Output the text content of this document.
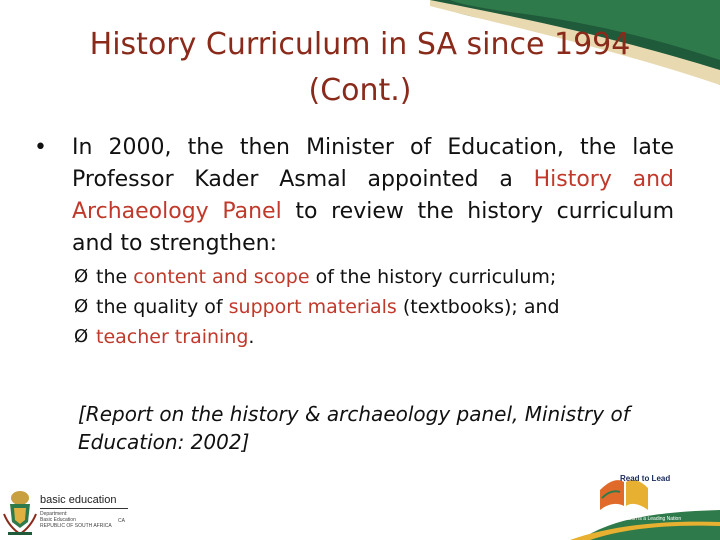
History Curriculum in SA since 1994
(Cont.)
•	In 2000, the then Minister of Education, the late Professor Kader Asmal appointed a History and Archaeology Panel to review the history curriculum and to strengthen:
Ø the content and scope of the history curriculum;
Ø the quality of support materials (textbooks); and
Ø teacher training.
[Report on the history & archaeology panel, Ministry of Education: 2002]
basic education
Department:
Basic Education
REPUBLIC OF SOUTH AFRICA
CA
Read to Lead
A Reading Nation is a Leading Nation
